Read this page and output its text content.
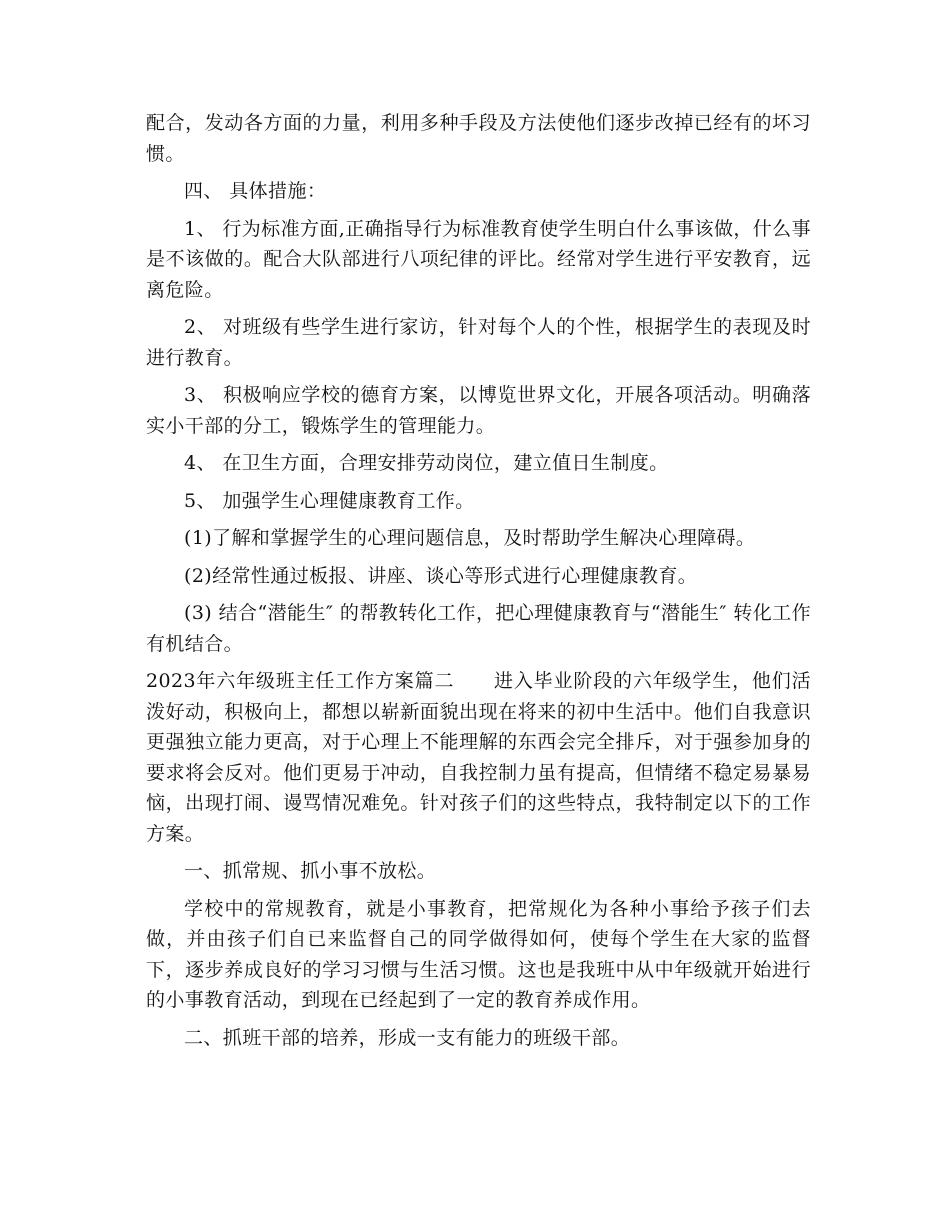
配合，发动各方面的力量，利用多种手段及方法使他们逐步改掉已经有的坏习惯。

四、 具体措施：

1、 行为标准方面,正确指导行为标准教育使学生明白什么事该做，什么事是不该做的。配合大队部进行八项纪律的评比。经常对学生进行平安教育，远离危险。

2、 对班级有些学生进行家访，针对每个人的个性，根据学生的表现及时进行教育。

3、 积极响应学校的德育方案，以博览世界文化，开展各项活动。明确落实小干部的分工，锻炼学生的管理能力。

4、 在卫生方面，合理安排劳动岗位，建立值日生制度。

5、 加强学生心理健康教育工作。

(1)了解和掌握学生的心理问题信息，及时帮助学生解决心理障碍。

(2)经常性通过板报、讲座、谈心等形式进行心理健康教育。

(3) 结合“潜能生″ 的帮教转化工作，把心理健康教育与“潜能生″ 转化工作有机结合。

2023年六年级班主任工作方案篇二　　进入毕业阶段的六年级学生，他们活泼好动，积极向上，都想以崭新面貌出现在将来的初中生活中。他们自我意识更强独立能力更高，对于心理上不能理解的东西会完全排斥，对于强参加身的要求将会反对。他们更易于冲动，自我控制力虽有提高，但情绪不稳定易暴易恼，出现打闹、谩骂情况难免。针对孩子们的这些特点，我特制定以下的工作方案。

一、抓常规、抓小事不放松。

学校中的常规教育，就是小事教育，把常规化为各种小事给予孩子们去做，并由孩子们自已来监督自己的同学做得如何，使每个学生在大家的监督下，逐步养成良好的学习习惯与生活习惯。这也是我班中从中年级就开始进行的小事教育活动，到现在已经起到了一定的教育养成作用。

二、抓班干部的培养，形成一支有能力的班级干部。
